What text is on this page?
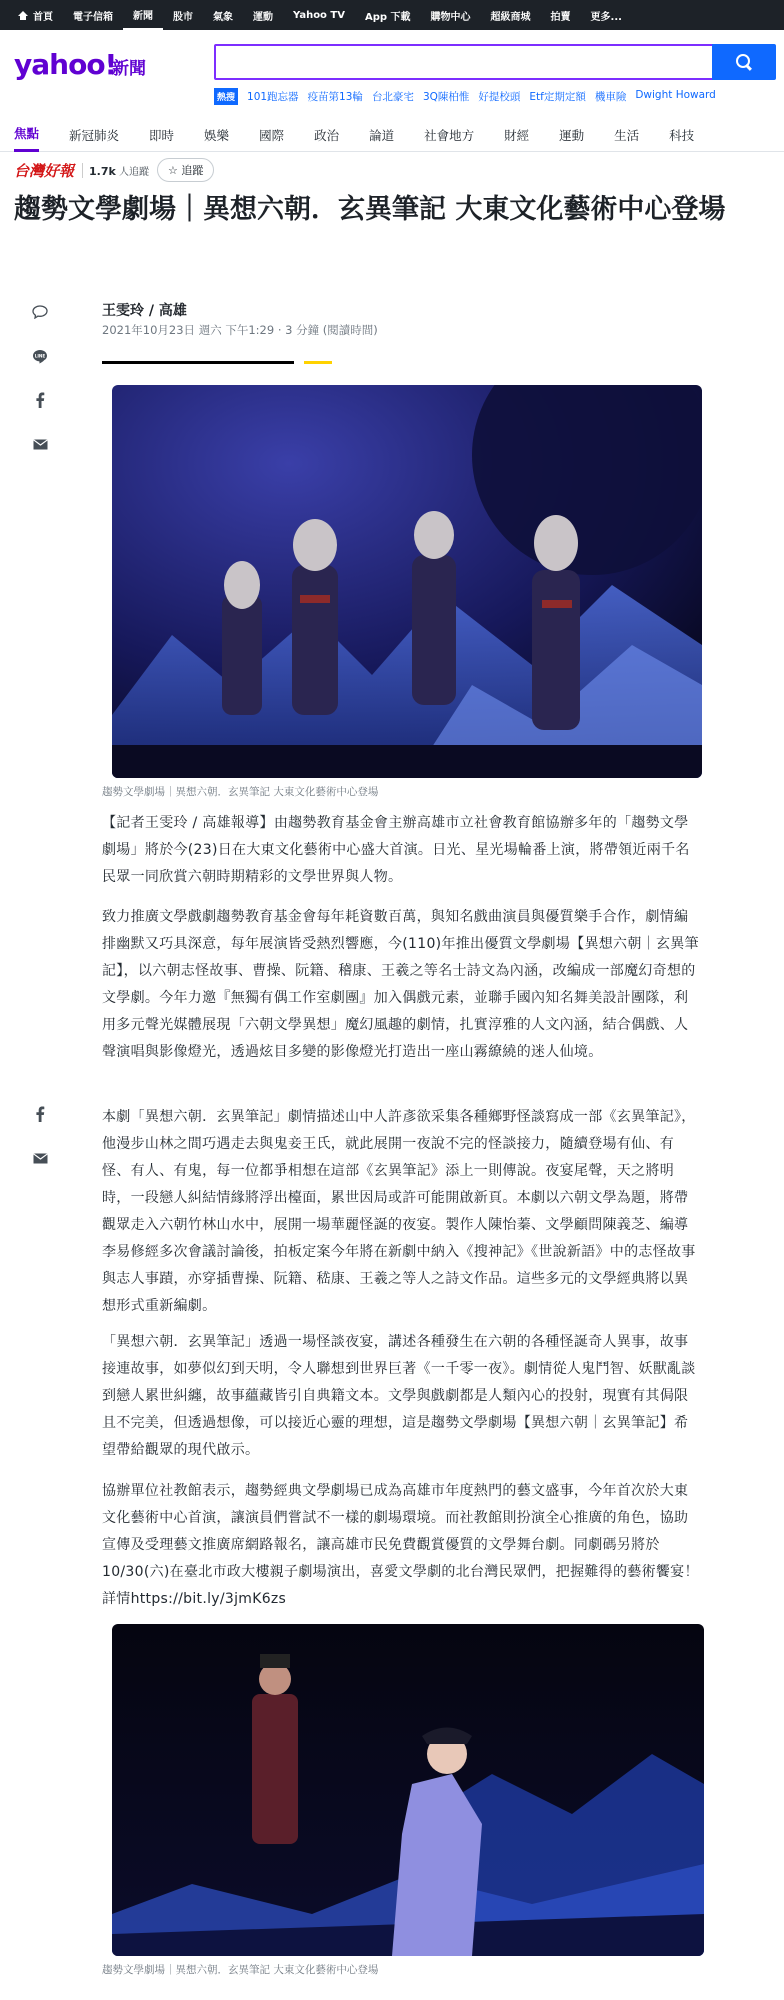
首頁 電子信箱 新聞 股市 氣象 運動 Yahoo TV App 下載 購物中心 超級商城 拍賣 更多...
yahoo!
新聞
熱搜 101跑忘器 疫苗第13輪 台北豪宅 3Q陳柏惟 好提校頭 Etf定期定額 機車險 Dwight Howard
焦點 新冠肺炎 即時 娛樂 國際 政治 論道 社會地方 財經 運動 生活 科技
台灣好報	1.7k 人追蹤	☆ 追蹤
趨勢文學劇場｜異想六朝．玄異筆記 大東文化藝術中心登場
LINE
王雯玲 / 高雄
2021年10月23日 週六 下午1:29 · 3 分鐘 (閱讀時間)
趨勢文學劇場｜異想六朝．玄異筆記 大東文化藝術中心登場

【記者王雯玲 / 高雄報導】由趨勢教育基金會主辦高雄市立社會教育館協辦多年的「趨勢文學劇場」將於今(23)日在大東文化藝術中心盛大首演。日光、星光場輪番上演，將帶領近兩千名民眾一同欣賞六朝時期精彩的文學世界與人物。

致力推廣文學戲劇趨勢教育基金會每年耗資數百萬，與知名戲曲演員與優質樂手合作，劇情編排幽默又巧具深意，每年展演皆受熱烈響應，今(110)年推出優質文學劇場【異想六朝｜玄異筆記】，以六朝志怪故事、曹操、阮籍、稽康、王羲之等名士詩文為內涵，改編成一部魔幻奇想的文學劇。今年力邀『無獨有偶工作室劇團』加入偶戲元素，並聯手國內知名舞美設計團隊，利用多元聲光媒體展現「六朝文學異想」魔幻風趣的劇情，扎實淳雅的人文內涵，結合偶戲、人聲演唱與影像燈光，透過炫目多變的影像燈光打造出一座山霧繚繞的迷人仙境。

本劇「異想六朝．玄異筆記」劇情描述山中人許彥欲采集各種鄉野怪談寫成一部《玄異筆記》，他漫步山林之間巧遇走去與鬼妾王氏，就此展開一夜說不完的怪談接力，隨續登場有仙、有怪、有人、有鬼，每一位都爭相想在這部《玄異筆記》添上一則傳說。夜宴尾聲，天之將明時，一段戀人糾結情緣將浮出檯面，累世因局或許可能開啟新頁。本劇以六朝文學為題，將帶觀眾走入六朝竹林山水中，展開一場華麗怪誕的夜宴。製作人陳怡蓁、文學顧問陳義芝、編導李易修經多次會議討論後，拍板定案今年將在新劇中納入《搜神記》《世說新語》中的志怪故事與志人事蹟，亦穿插曹操、阮籍、嵇康、王羲之等人之詩文作品。這些多元的文學經典將以異想形式重新編劇。

「異想六朝．玄異筆記」透過一場怪談夜宴，講述各種發生在六朝的各種怪誕奇人異事，故事接連故事，如夢似幻到天明，令人聯想到世界巨著《一千零一夜》。劇情從人鬼鬥智、妖獸亂談到戀人累世糾纏，故事蘊藏皆引自典籍文本。文學與戲劇都是人類內心的投射，現實有其侷限且不完美，但透過想像，可以接近心靈的理想，這是趨勢文學劇場【異想六朝｜玄異筆記】希望帶給觀眾的現代啟示。

協辦單位社教館表示，趨勢經典文學劇場已成為高雄市年度熱門的藝文盛事，今年首次於大東文化藝術中心首演，讓演員們嘗試不一樣的劇場環境。而社教館則扮演全心推廣的角色，協助宣傳及受理藝文推廣席網路報名，讓高雄市民免費觀賞優質的文學舞台劇。同劇碼另將於10/30(六)在臺北市政大樓親子劇場演出，喜愛文學劇的北台灣民眾們，把握難得的藝術饗宴！詳情https://bit.ly/3jmK6zs

趨勢文學劇場｜異想六朝．玄異筆記 大東文化藝術中心登場
